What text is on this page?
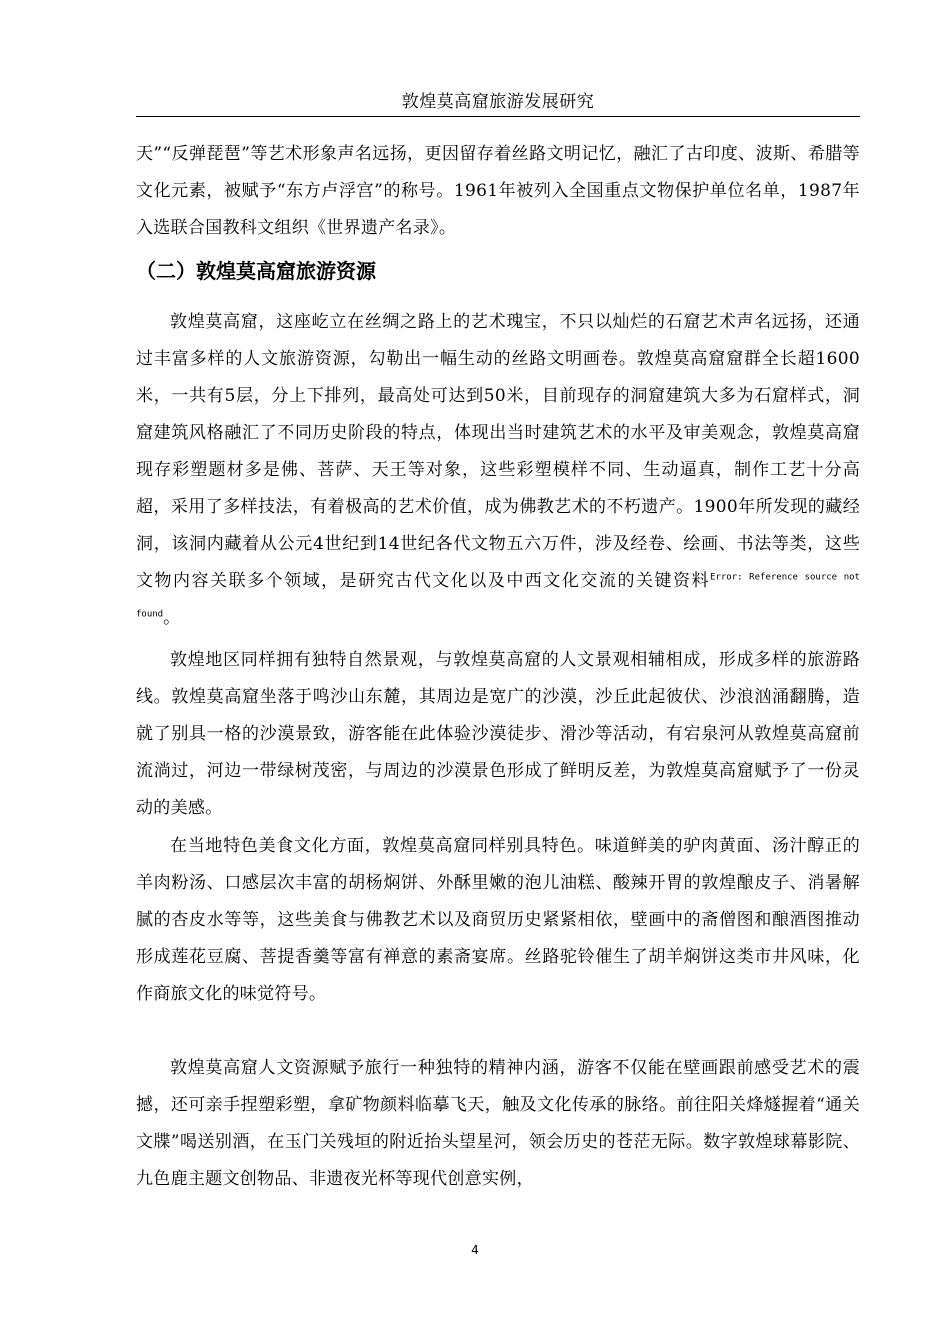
敦煌莫高窟旅游发展研究

天”“反弹琵琶”等艺术形象声名远扬，更因留存着丝路文明记忆，融汇了古印度、波斯、希腊等文化元素，被赋予“东方卢浮宫”的称号。1961年被列入全国重点文物保护单位名单，1987年入选联合国教科文组织《世界遗产名录》。

（二）敦煌莫高窟旅游资源

敦煌莫高窟，这座屹立在丝绸之路上的艺术瑰宝，不只以灿烂的石窟艺术声名远扬，还通过丰富多样的人文旅游资源，勾勒出一幅生动的丝路文明画卷。敦煌莫高窟窟群全长超1600米，一共有5层，分上下排列，最高处可达到50米，目前现存的洞窟建筑大多为石窟样式，洞窟建筑风格融汇了不同历史阶段的特点，体现出当时建筑艺术的水平及审美观念，敦煌莫高窟现存彩塑题材多是佛、菩萨、天王等对象，这些彩塑模样不同、生动逼真，制作工艺十分高超，采用了多样技法，有着极高的艺术价值，成为佛教艺术的不朽遗产。1900年所发现的藏经洞，该洞内藏着从公元4世纪到14世纪各代文物五六万件，涉及经卷、绘画、书法等类，这些文物内容关联多个领域，是研究古代文化以及中西文化交流的关键资料$^{Error: Reference source not found}$。

敦煌地区同样拥有独特自然景观，与敦煌莫高窟的人文景观相辅相成，形成多样的旅游路线。敦煌莫高窟坐落于鸣沙山东麓，其周边是宽广的沙漠，沙丘此起彼伏、沙浪汹涌翻腾，造就了别具一格的沙漠景致，游客能在此体验沙漠徒步、滑沙等活动，有宕泉河从敦煌莫高窟前流淌过，河边一带绿树茂密，与周边的沙漠景色形成了鲜明反差，为敦煌莫高窟赋予了一份灵动的美感。

在当地特色美食文化方面，敦煌莫高窟同样别具特色。味道鲜美的驴肉黄面、汤汁醇正的羊肉粉汤、口感层次丰富的胡杨焖饼、外酥里嫩的泡儿油糕、酸辣开胃的敦煌酿皮子、消暑解腻的杏皮水等等，这些美食与佛教艺术以及商贸历史紧紧相依，壁画中的斋僧图和酿酒图推动形成莲花豆腐、菩提香羹等富有禅意的素斋宴席。丝路驼铃催生了胡羊焖饼这类市井风味，化作商旅文化的味觉符号。

敦煌莫高窟人文资源赋予旅行一种独特的精神内涵，游客不仅能在壁画跟前感受艺术的震撼，还可亲手捏塑彩塑，拿矿物颜料临摹飞天，触及文化传承的脉络。前往阳关烽燧握着“通关文牒”喝送别酒，在玉门关残垣的附近抬头望星河，领会历史的苍茫无际。数字敦煌球幕影院、九色鹿主题文创物品、非遗夜光杯等现代创意实例，

4
